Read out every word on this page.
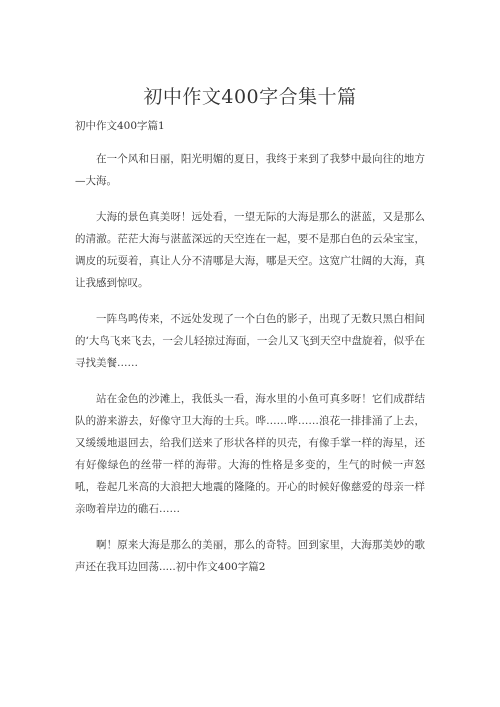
初中作文400字合集十篇
初中作文400字篇1

在一个风和日丽，阳光明媚的夏日，我终于来到了我梦中最向往的地方—大海。

大海的景色真美呀！远处看，一望无际的大海是那么的湛蓝，又是那么的清澈。茫茫大海与湛蓝深远的天空连在一起，要不是那白色的云朵宝宝，调皮的玩耍着，真让人分不清哪是大海，哪是天空。这宽广壮阔的大海，真让我感到惊叹。

一阵鸟鸣传来，不远处发现了一个白色的影子，出现了无数只黑白相间的‘大鸟飞来飞去，一会儿轻掠过海面，一会儿又飞到天空中盘旋着，似乎在寻找美餐……

站在金色的沙滩上，我低头一看，海水里的小鱼可真多呀！它们成群结队的游来游去，好像守卫大海的士兵。哗……哗……浪花一排排涌了上去，又缓缓地退回去，给我们送来了形状各样的贝壳，有像手掌一样的海星，还有好像绿色的丝带一样的海带。大海的性格是多变的，生气的时候一声怒吼，卷起几米高的大浪把大地震的隆隆的。开心的时候好像慈爱的母亲一样亲吻着岸边的礁石……

啊！原来大海是那么的美丽，那么的奇特。回到家里，大海那美妙的歌声还在我耳边回荡.....初中作文400字篇2
